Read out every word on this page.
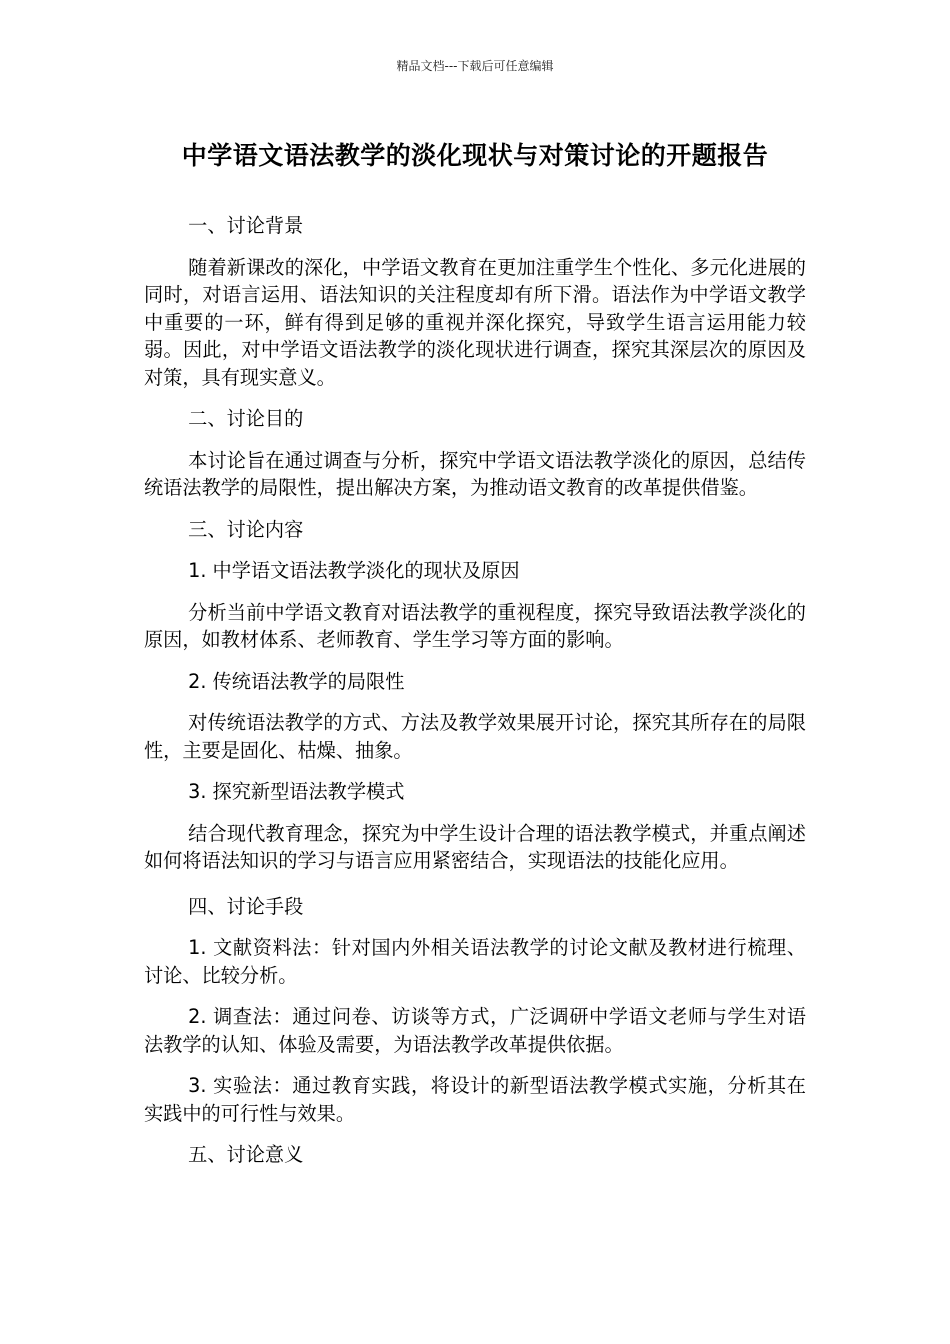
精品文档---下载后可任意编辑
中学语文语法教学的淡化现状与对策讨论的开题报告

一、讨论背景

随着新课改的深化，中学语文教育在更加注重学生个性化、多元化进展的同时，对语言运用、语法知识的关注程度却有所下滑。语法作为中学语文教学中重要的一环，鲜有得到足够的重视并深化探究，导致学生语言运用能力较弱。因此，对中学语文语法教学的淡化现状进行调查，探究其深层次的原因及对策，具有现实意义。

二、讨论目的

本讨论旨在通过调查与分析，探究中学语文语法教学淡化的原因，总结传统语法教学的局限性，提出解决方案，为推动语文教育的改革提供借鉴。

三、讨论内容

1. 中学语文语法教学淡化的现状及原因

分析当前中学语文教育对语法教学的重视程度，探究导致语法教学淡化的原因，如教材体系、老师教育、学生学习等方面的影响。

2. 传统语法教学的局限性

对传统语法教学的方式、方法及教学效果展开讨论，探究其所存在的局限性，主要是固化、枯燥、抽象。

3. 探究新型语法教学模式

结合现代教育理念，探究为中学生设计合理的语法教学模式，并重点阐述如何将语法知识的学习与语言应用紧密结合，实现语法的技能化应用。

四、讨论手段

1. 文献资料法：针对国内外相关语法教学的讨论文献及教材进行梳理、讨论、比较分析。

2. 调查法：通过问卷、访谈等方式，广泛调研中学语文老师与学生对语法教学的认知、体验及需要，为语法教学改革提供依据。

3. 实验法：通过教育实践，将设计的新型语法教学模式实施，分析其在实践中的可行性与效果。

五、讨论意义
